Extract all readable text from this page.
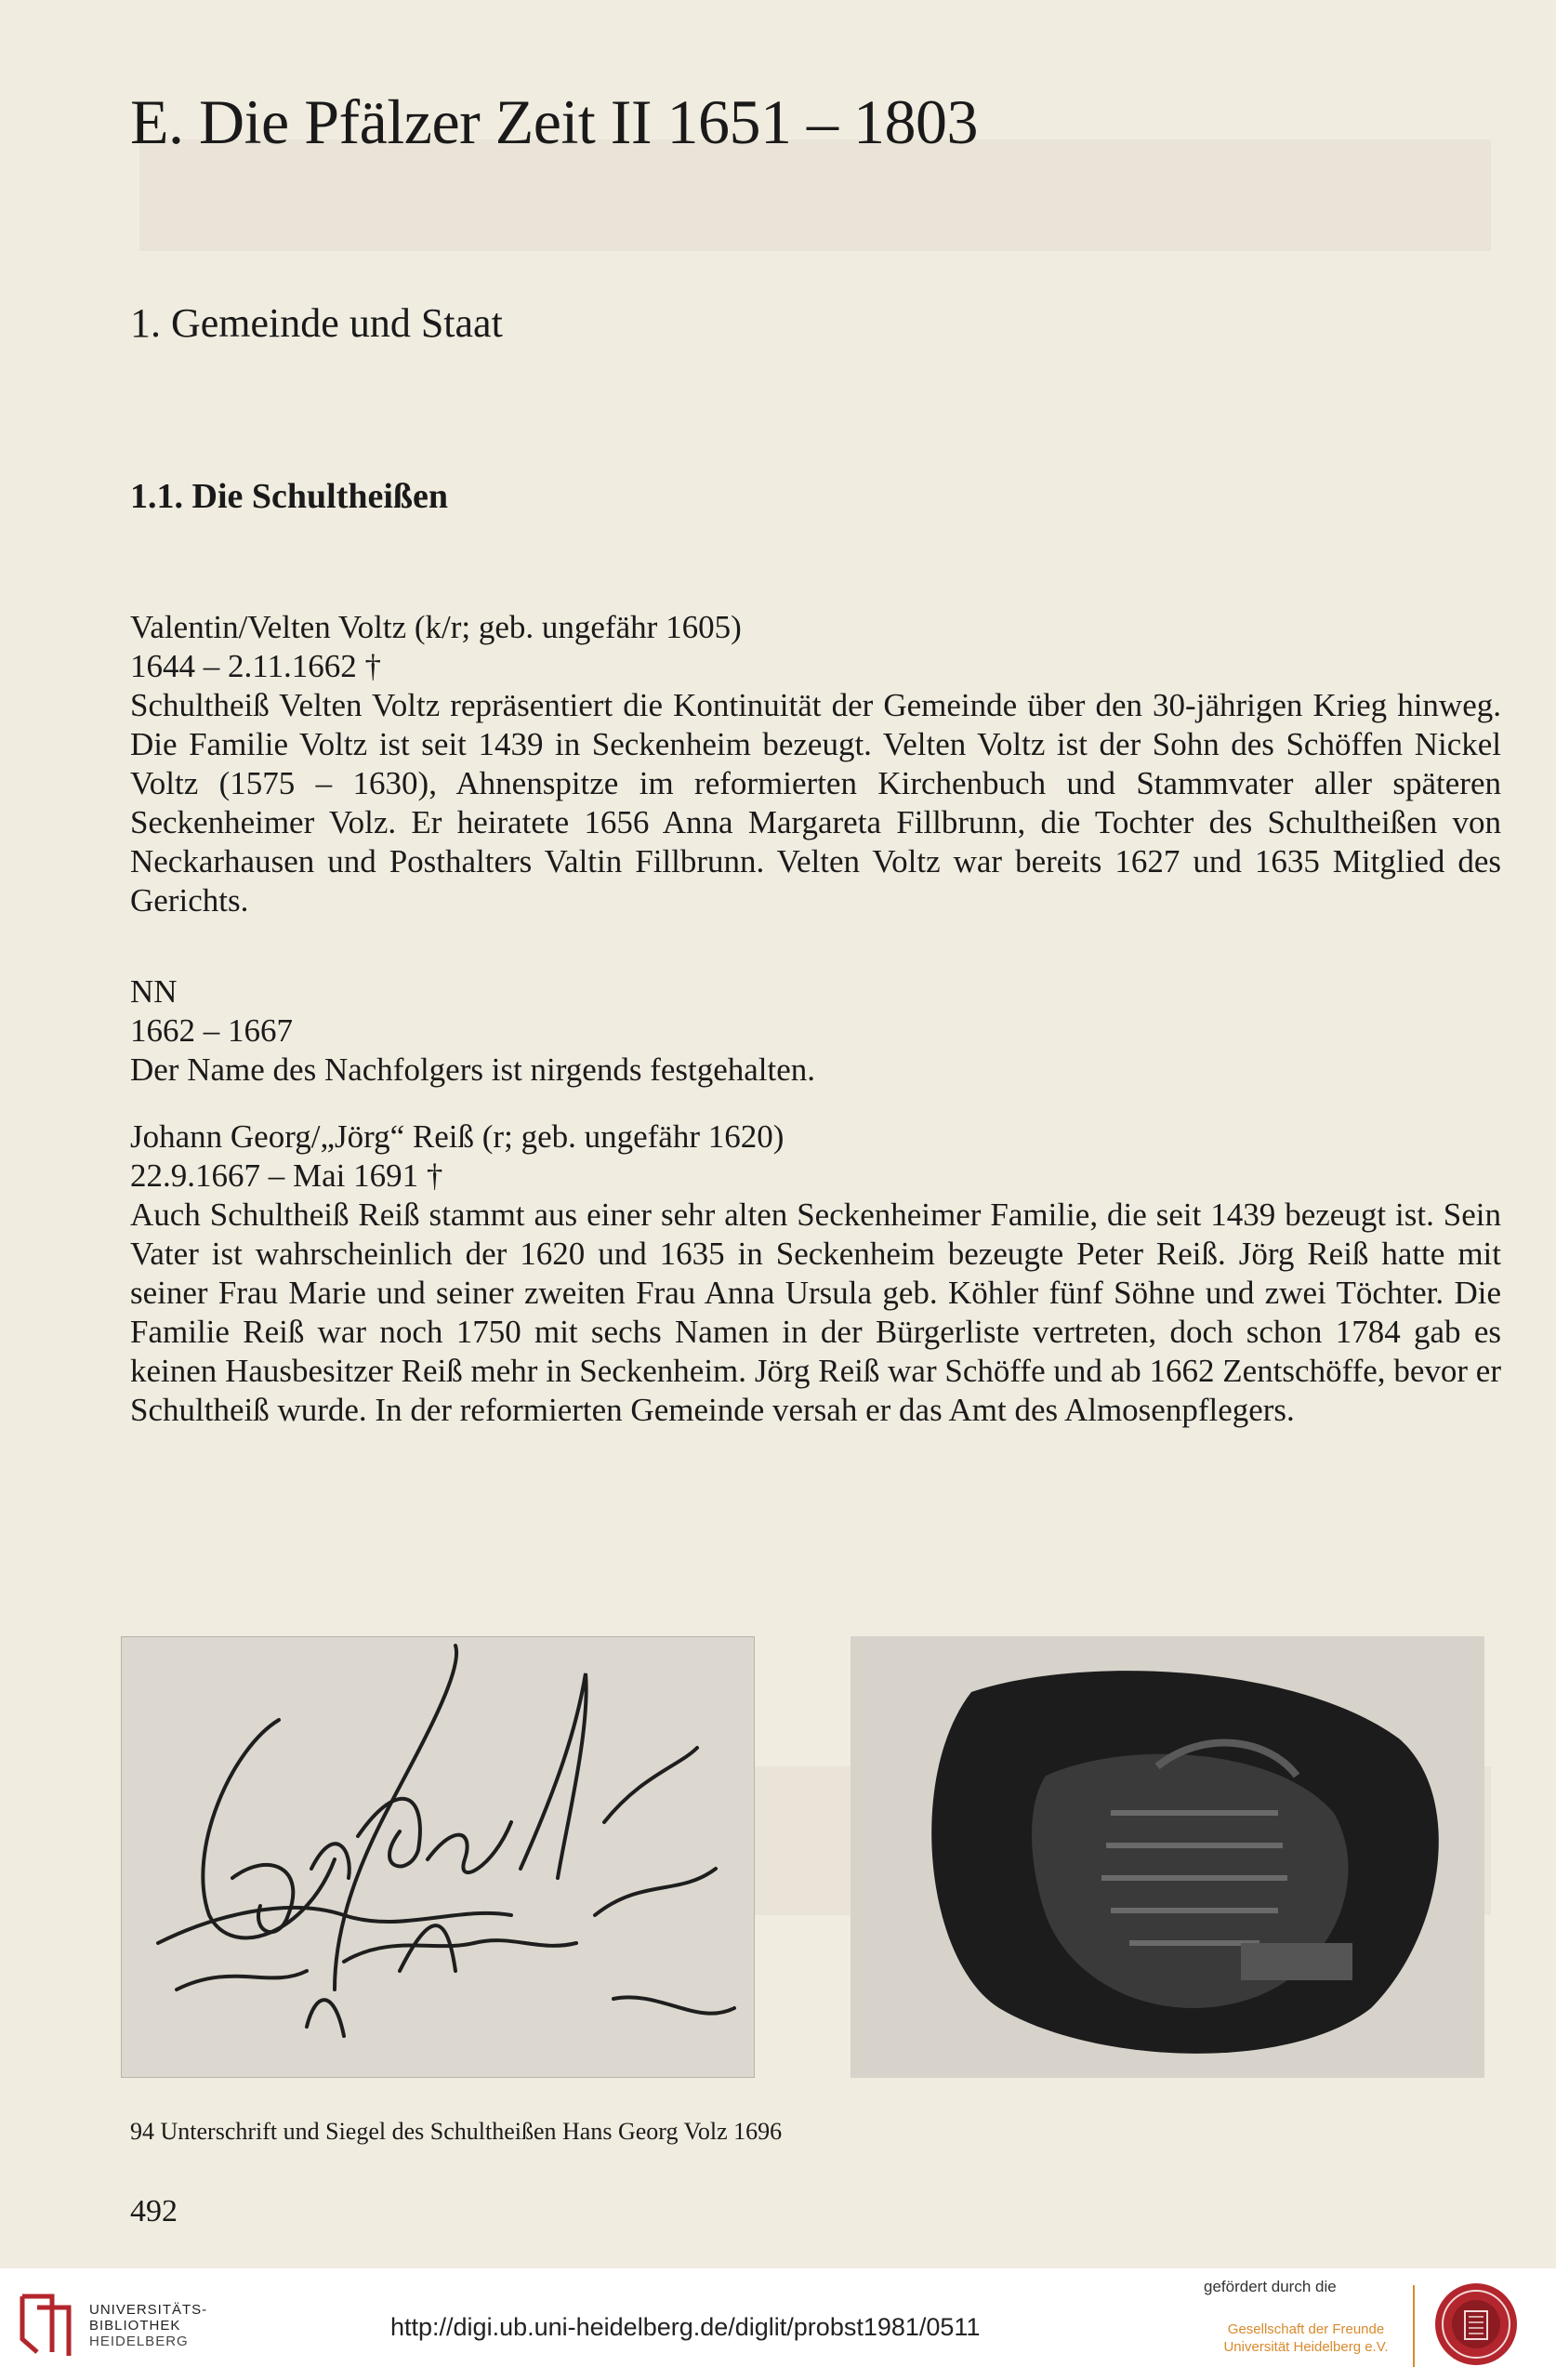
E. Die Pfälzer Zeit II 1651 – 1803
1. Gemeinde und Staat
1.1. Die Schultheißen

Valentin/Velten Voltz (k/r; geb. ungefähr 1605)

1644 – 2.11.1662 †

Schultheiß Velten Voltz repräsentiert die Kontinuität der Gemeinde über den 30-jährigen Krieg hinweg. Die Familie Voltz ist seit 1439 in Seckenheim bezeugt. Velten Voltz ist der Sohn des Schöffen Nickel Voltz (1575 – 1630), Ahnenspitze im reformierten Kirchenbuch und Stammvater aller späteren Seckenheimer Volz. Er heiratete 1656 Anna Margareta Fillbrunn, die Tochter des Schultheißen von Neckarhausen und Posthalters Valtin Fillbrunn. Velten Voltz war bereits 1627 und 1635 Mitglied des Gerichts.

NN

1662 – 1667

Der Name des Nachfolgers ist nirgends festgehalten.

Johann Georg/„Jörg“ Reiß (r; geb. ungefähr 1620)

22.9.1667 – Mai 1691 †

Auch Schultheiß Reiß stammt aus einer sehr alten Seckenheimer Familie, die seit 1439 bezeugt ist. Sein Vater ist wahrscheinlich der 1620 und 1635 in Seckenheim bezeugte Peter Reiß. Jörg Reiß hatte mit seiner Frau Marie und seiner zweiten Frau Anna Ursula geb. Köhler fünf Söhne und zwei Töchter. Die Familie Reiß war noch 1750 mit sechs Namen in der Bürgerliste vertreten, doch schon 1784 gab es keinen Hausbesitzer Reiß mehr in Seckenheim. Jörg Reiß war Schöffe und ab 1662 Zentschöffe, bevor er Schultheiß wurde. In der reformierten Gemeinde versah er das Amt des Almosenpflegers.

94 Unterschrift und Siegel des Schultheißen Hans Georg Volz 1696

492
UNIVERSITÄTS-
BIBLIOTHEK
HEIDELBERG
http://digi.ub.uni-heidelberg.de/diglit/probst1981/0511
gefördert durch die
Gesellschaft der Freunde
Universität Heidelberg e.V.
